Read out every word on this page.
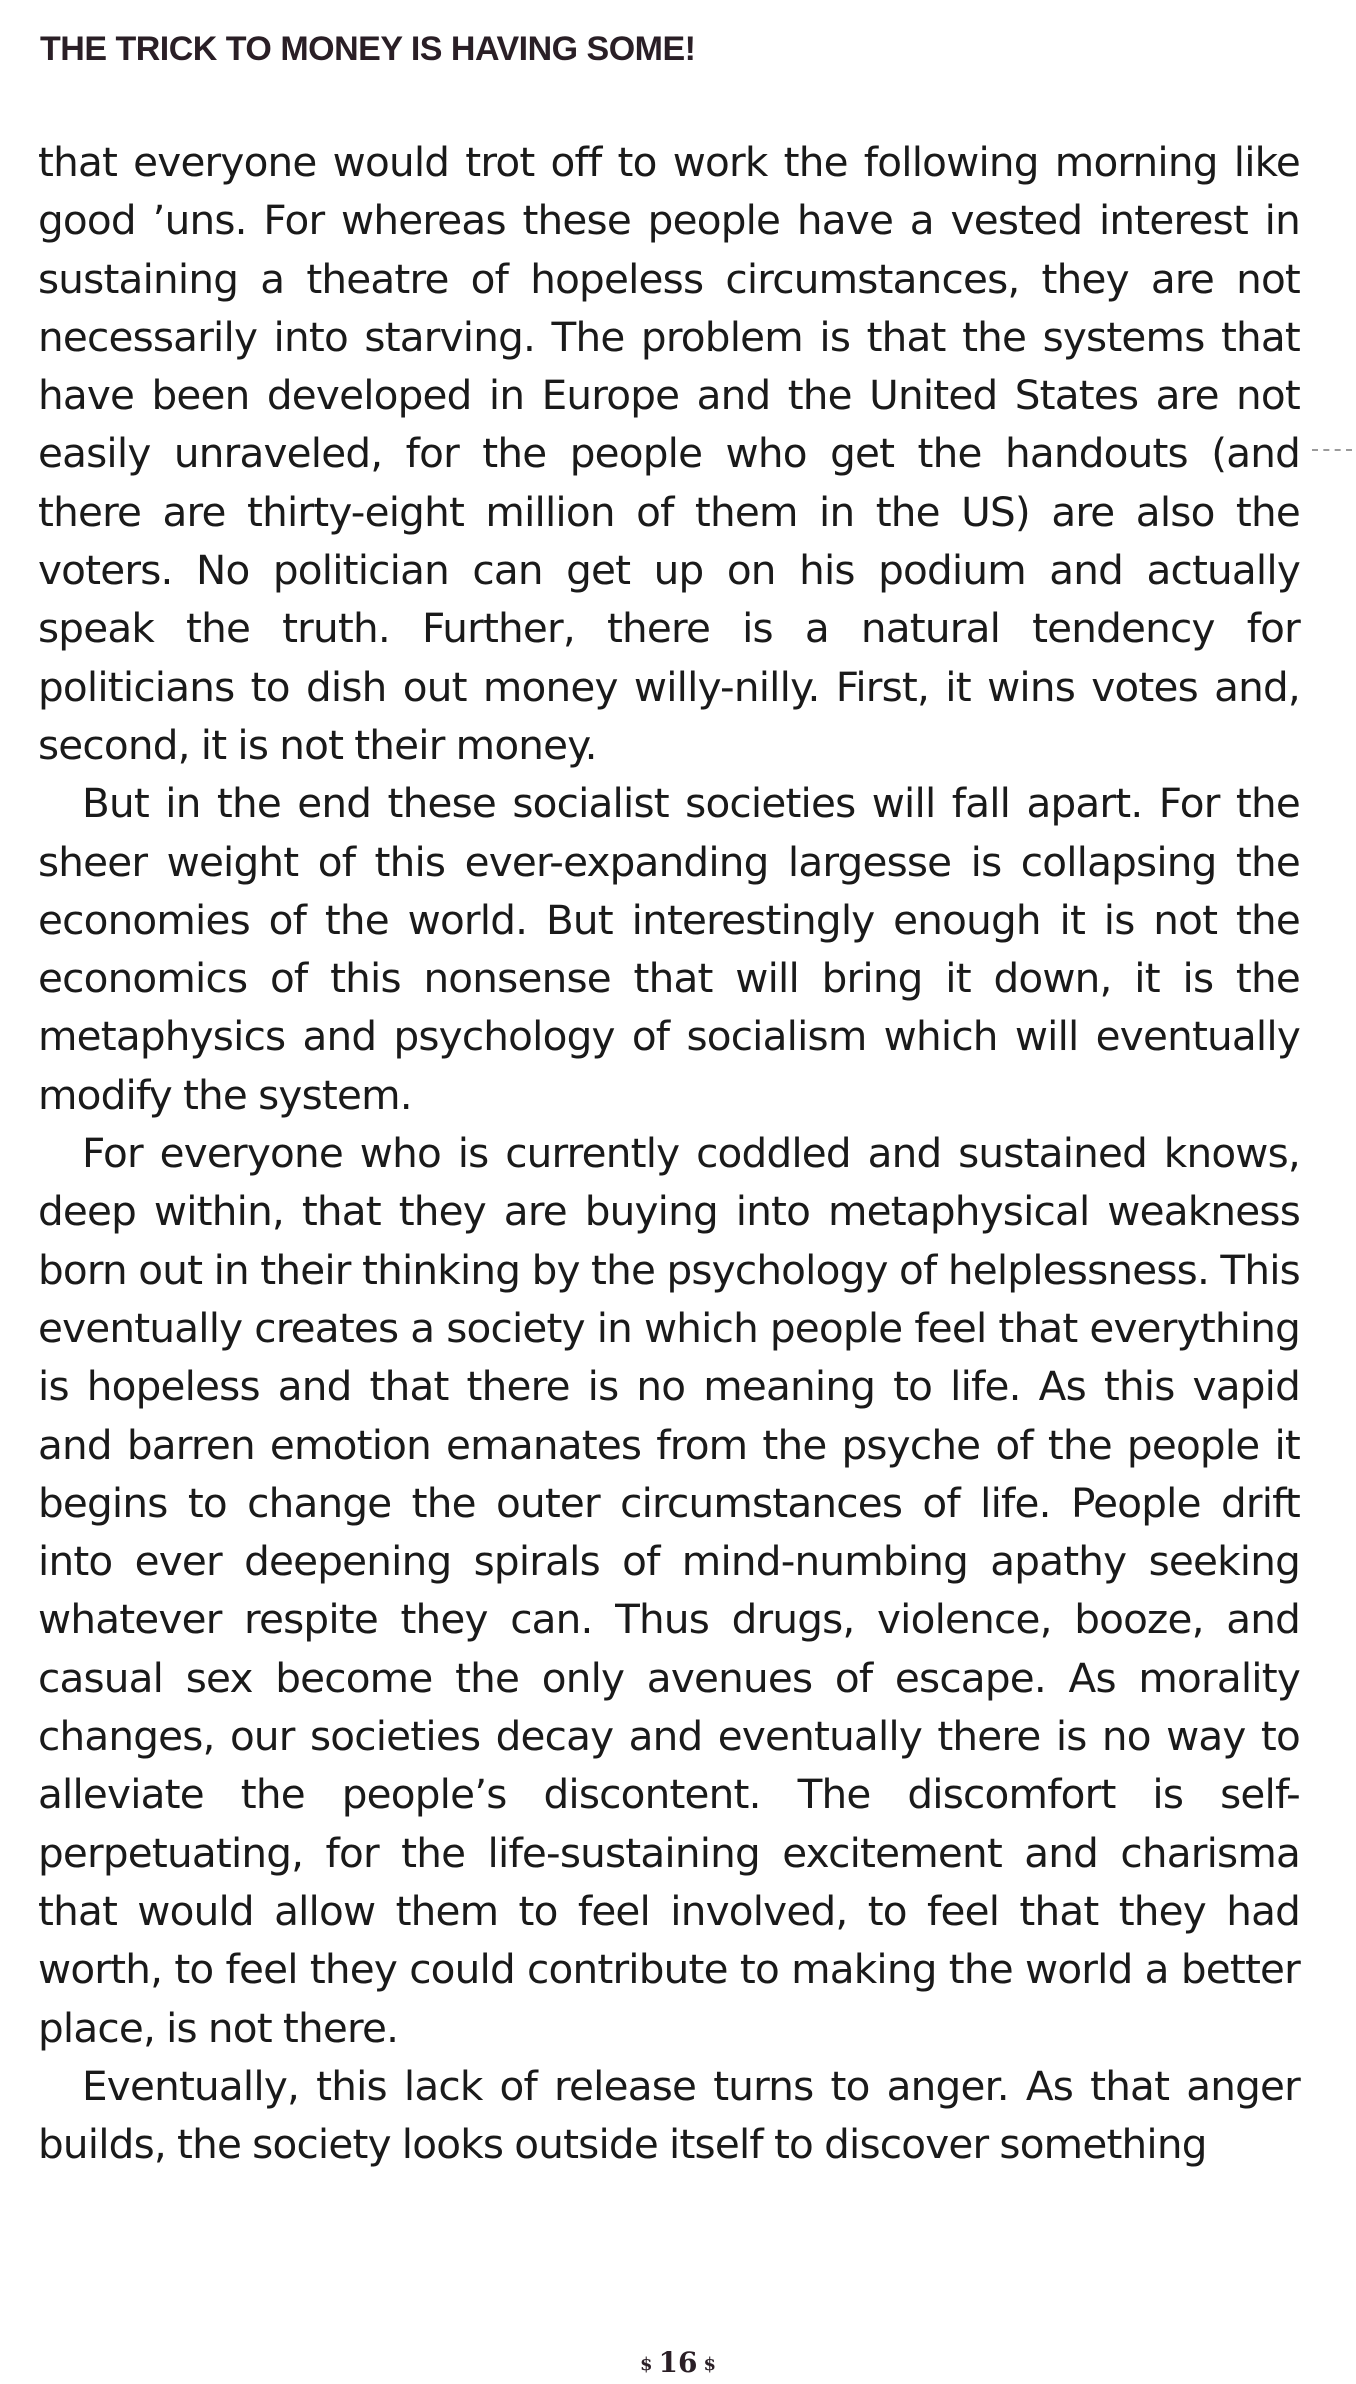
THE TRICK TO MONEY IS HAVING SOME!

that everyone would trot off to work the following morning like good ’uns. For whereas these people have a vested interest in sustaining a theatre of hopeless circumstances, they are not necessarily into starving. The problem is that the systems that have been developed in Europe and the United States are not easily unraveled, for the people who get the handouts (and there are thirty-eight million of them in the US) are also the voters. No politician can get up on his podium and actually speak the truth. Further, there is a natural tendency for politicians to dish out money willy-nilly. First, it wins votes and, second, it is not their money.

But in the end these socialist societies will fall apart. For the sheer weight of this ever-expanding largesse is collapsing the economies of the world. But interestingly enough it is not the economics of this nonsense that will bring it down, it is the metaphysics and psychology of socialism which will eventually modify the system.

For everyone who is currently coddled and sustained knows, deep within, that they are buying into metaphysical weakness born out in their thinking by the psychology of helplessness. This eventually creates a society in which people feel that everything is hopeless and that there is no meaning to life. As this vapid and barren emotion emanates from the psyche of the people it begins to change the outer circumstances of life. People drift into ever deepening spirals of mind-numbing apathy seeking whatever respite they can. Thus drugs, violence, booze, and casual sex become the only avenues of escape. As morality changes, our societies decay and eventually there is no way to alleviate the people’s discontent. The discomfort is self-perpetuating, for the life-sustaining excitement and charisma that would allow them to feel involved, to feel that they had worth, to feel they could contribute to making the world a better place, is not there.

Eventually, this lack of release turns to anger. As that anger builds, the society looks outside itself to discover something

$ 16 $
